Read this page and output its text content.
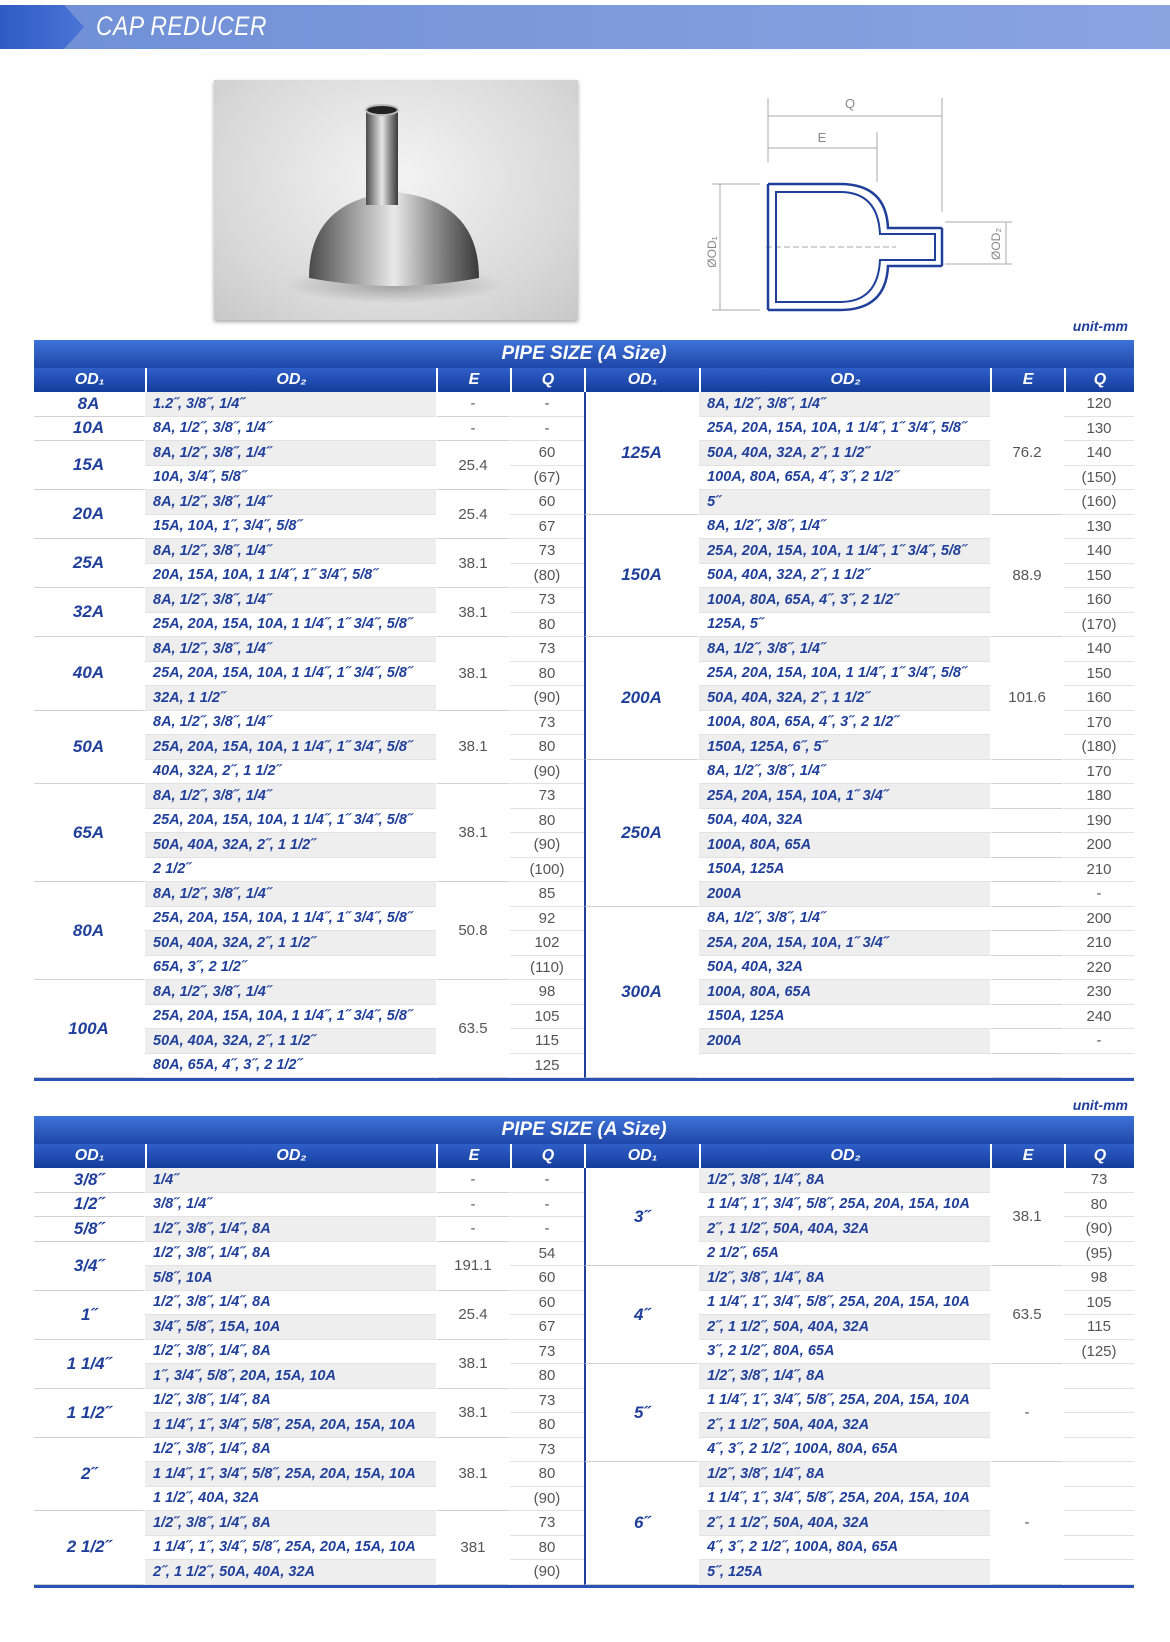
CAP REDUCER
Q
E
ØOD₁	ØOD₂
unit-mm
PIPE SIZE (A Size)
OD₁	OD₂	E	Q	OD₁	OD₂	E	Q
8A	1.2˝, 3/8˝, 1/4˝	-	-	125A	8A, 1/2˝, 3/8˝, 1/4˝	76.2	120
10A	8A, 1/2˝, 3/8˝, 1/4˝	-	-		25A, 20A, 15A, 10A, 1 1/4˝, 1˝ 3/4˝, 5/8˝		130
15A	8A, 1/2˝, 3/8˝, 1/4˝	25.4	60		50A, 40A, 32A, 2˝, 1 1/2˝		140
	10A, 3/4˝, 5/8˝		(67)		100A, 80A, 65A, 4˝, 3˝, 2 1/2˝		(150)
20A	8A, 1/2˝, 3/8˝, 1/4˝	25.4	60		5˝		(160)
	15A, 10A, 1˝, 3/4˝, 5/8˝		67	150A	8A, 1/2˝, 3/8˝, 1/4˝	88.9	130
25A	8A, 1/2˝, 3/8˝, 1/4˝	38.1	73		25A, 20A, 15A, 10A, 1 1/4˝, 1˝ 3/4˝, 5/8˝		140
	20A, 15A, 10A, 1 1/4˝, 1˝ 3/4˝, 5/8˝		(80)		50A, 40A, 32A, 2˝, 1 1/2˝		150
32A	8A, 1/2˝, 3/8˝, 1/4˝	38.1	73		100A, 80A, 65A, 4˝, 3˝, 2 1/2˝		160
	25A, 20A, 15A, 10A, 1 1/4˝, 1˝ 3/4˝, 5/8˝		80		125A, 5˝		(170)
40A	8A, 1/2˝, 3/8˝, 1/4˝	38.1	73	200A	8A, 1/2˝, 3/8˝, 1/4˝	101.6	140
	25A, 20A, 15A, 10A, 1 1/4˝, 1˝ 3/4˝, 5/8˝		80		25A, 20A, 15A, 10A, 1 1/4˝, 1˝ 3/4˝, 5/8˝		150
	32A, 1 1/2˝		(90)		50A, 40A, 32A, 2˝, 1 1/2˝		160
50A	8A, 1/2˝, 3/8˝, 1/4˝	38.1	73		100A, 80A, 65A, 4˝, 3˝, 2 1/2˝		170
	25A, 20A, 15A, 10A, 1 1/4˝, 1˝ 3/4˝, 5/8˝		80		150A, 125A, 6˝, 5˝		(180)
	40A, 32A, 2˝, 1 1/2˝		(90)	250A	8A, 1/2˝, 3/8˝, 1/4˝		170
65A	8A, 1/2˝, 3/8˝, 1/4˝	38.1	73		25A, 20A, 15A, 10A, 1˝ 3/4˝		180
	25A, 20A, 15A, 10A, 1 1/4˝, 1˝ 3/4˝, 5/8˝		80		50A, 40A, 32A		190
	50A, 40A, 32A, 2˝, 1 1/2˝		(90)		100A, 80A, 65A		200
	2 1/2˝		(100)		150A, 125A		210
80A	8A, 1/2˝, 3/8˝, 1/4˝	50.8	85		200A		-
	25A, 20A, 15A, 10A, 1 1/4˝, 1˝ 3/4˝, 5/8˝		92	300A	8A, 1/2˝, 3/8˝, 1/4˝		200
	50A, 40A, 32A, 2˝, 1 1/2˝		102		25A, 20A, 15A, 10A, 1˝ 3/4˝		210
	65A, 3˝, 2 1/2˝		(110)		50A, 40A, 32A		220
100A	8A, 1/2˝, 3/8˝, 1/4˝	63.5	98		100A, 80A, 65A		230
	25A, 20A, 15A, 10A, 1 1/4˝, 1˝ 3/4˝, 5/8˝		105		150A, 125A		240
	50A, 40A, 32A, 2˝, 1 1/2˝		115		200A		-
	80A, 65A, 4˝, 3˝, 2 1/2˝		125				
unit-mm
PIPE SIZE (A Size)
OD₁	OD₂	E	Q	OD₁	OD₂	E	Q
3/8˝	1/4˝	-	-	3˝	1/2˝, 3/8˝, 1/4˝, 8A	38.1	73
1/2˝	3/8˝, 1/4˝	-	-		1 1/4˝, 1˝, 3/4˝, 5/8˝, 25A, 20A, 15A, 10A		80
5/8˝	1/2˝, 3/8˝, 1/4˝, 8A	-	-		2˝, 1 1/2˝, 50A, 40A, 32A		(90)
3/4˝	1/2˝, 3/8˝, 1/4˝, 8A	191.1	54		2 1/2˝, 65A		(95)
	5/8˝, 10A		60	4˝	1/2˝, 3/8˝, 1/4˝, 8A	63.5	98
1˝	1/2˝, 3/8˝, 1/4˝, 8A	25.4	60		1 1/4˝, 1˝, 3/4˝, 5/8˝, 25A, 20A, 15A, 10A		105
	3/4˝, 5/8˝, 15A, 10A		67		2˝, 1 1/2˝, 50A, 40A, 32A		115
1 1/4˝	1/2˝, 3/8˝, 1/4˝, 8A	38.1	73		3˝, 2 1/2˝, 80A, 65A		(125)
	1˝, 3/4˝, 5/8˝, 20A, 15A, 10A		80	5˝	1/2˝, 3/8˝, 1/4˝, 8A	-	
1 1/2˝	1/2˝, 3/8˝, 1/4˝, 8A	38.1	73		1 1/4˝, 1˝, 3/4˝, 5/8˝, 25A, 20A, 15A, 10A		
	1 1/4˝, 1˝, 3/4˝, 5/8˝, 25A, 20A, 15A, 10A		80		2˝, 1 1/2˝, 50A, 40A, 32A		
2˝	1/2˝, 3/8˝, 1/4˝, 8A	38.1	73		4˝, 3˝, 2 1/2˝, 100A, 80A, 65A		
	1 1/4˝, 1˝, 3/4˝, 5/8˝, 25A, 20A, 15A, 10A		80	6˝	1/2˝, 3/8˝, 1/4˝, 8A	-	
	1 1/2˝, 40A, 32A		(90)		1 1/4˝, 1˝, 3/4˝, 5/8˝, 25A, 20A, 15A, 10A		
2 1/2˝	1/2˝, 3/8˝, 1/4˝, 8A	381	73		2˝, 1 1/2˝, 50A, 40A, 32A		
	1 1/4˝, 1˝, 3/4˝, 5/8˝, 25A, 20A, 15A, 10A		80		4˝, 3˝, 2 1/2˝, 100A, 80A, 65A		
	2˝, 1 1/2˝, 50A, 40A, 32A		(90)		5˝, 125A		
